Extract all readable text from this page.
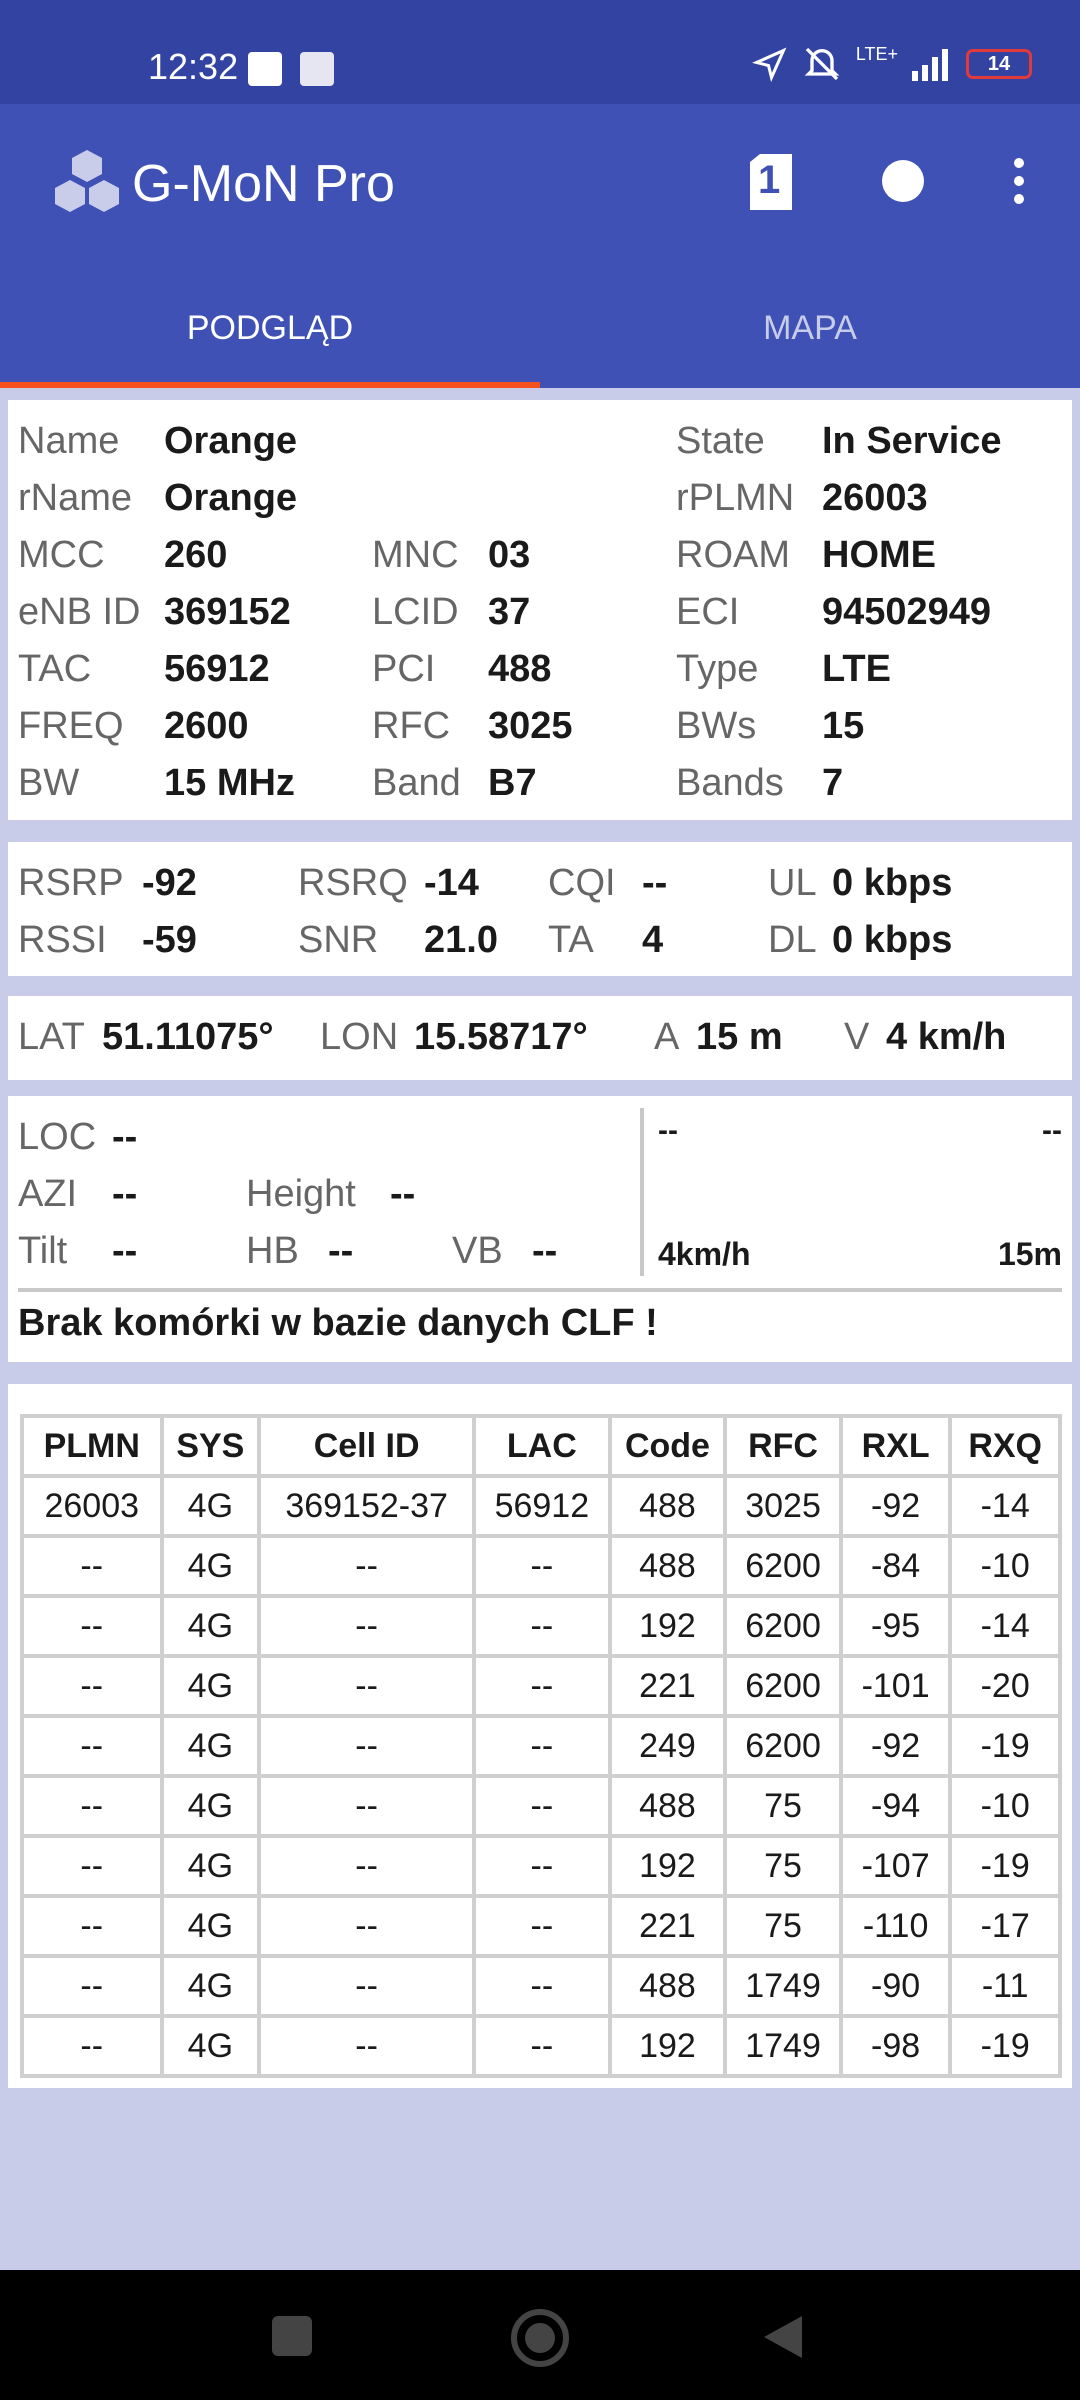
12:32	LTE+	14
G-MoN Pro	1
PODGLĄD	MAPA
Name Orange	State In Service
rName Orange	rPLMN 26003
MCC 260	MNC 03	ROAM HOME
eNB ID 369152 LCID 37	ECI 94502949
TAC 56912	PCI 488	Type LTE
FREQ 2600	RFC 3025	BWs 15
BW 15 MHz Band B7	Bands 7
RSRP -92	RSRQ -14 CQI --	UL 0 kbps
RSSI -59	SNR 21.0 TA 4	DL 0 kbps
LAT 51.11075° LON 15.58717° A 15 m V 4 km/h
LOC --
AZI --	Height --
Tilt --	HB --	VB --
--	--
4km/h	15m
Brak komórki w bazie danych CLF !
PLMN	SYS	Cell ID	LAC	Code	RFC	RXL	RXQ
26003	4G	369152-37	56912	488	3025	-92	-14
--	4G	--	--	488	6200	-84	-10
--	4G	--	--	192	6200	-95	-14
--	4G	--	--	221	6200	-101	-20
--	4G	--	--	249	6200	-92	-19
--	4G	--	--	488	75	-94	-10
--	4G	--	--	192	75	-107	-19
--	4G	--	--	221	75	-110	-17
--	4G	--	--	488	1749	-90	-11
--	4G	--	--	192	1749	-98	-19
